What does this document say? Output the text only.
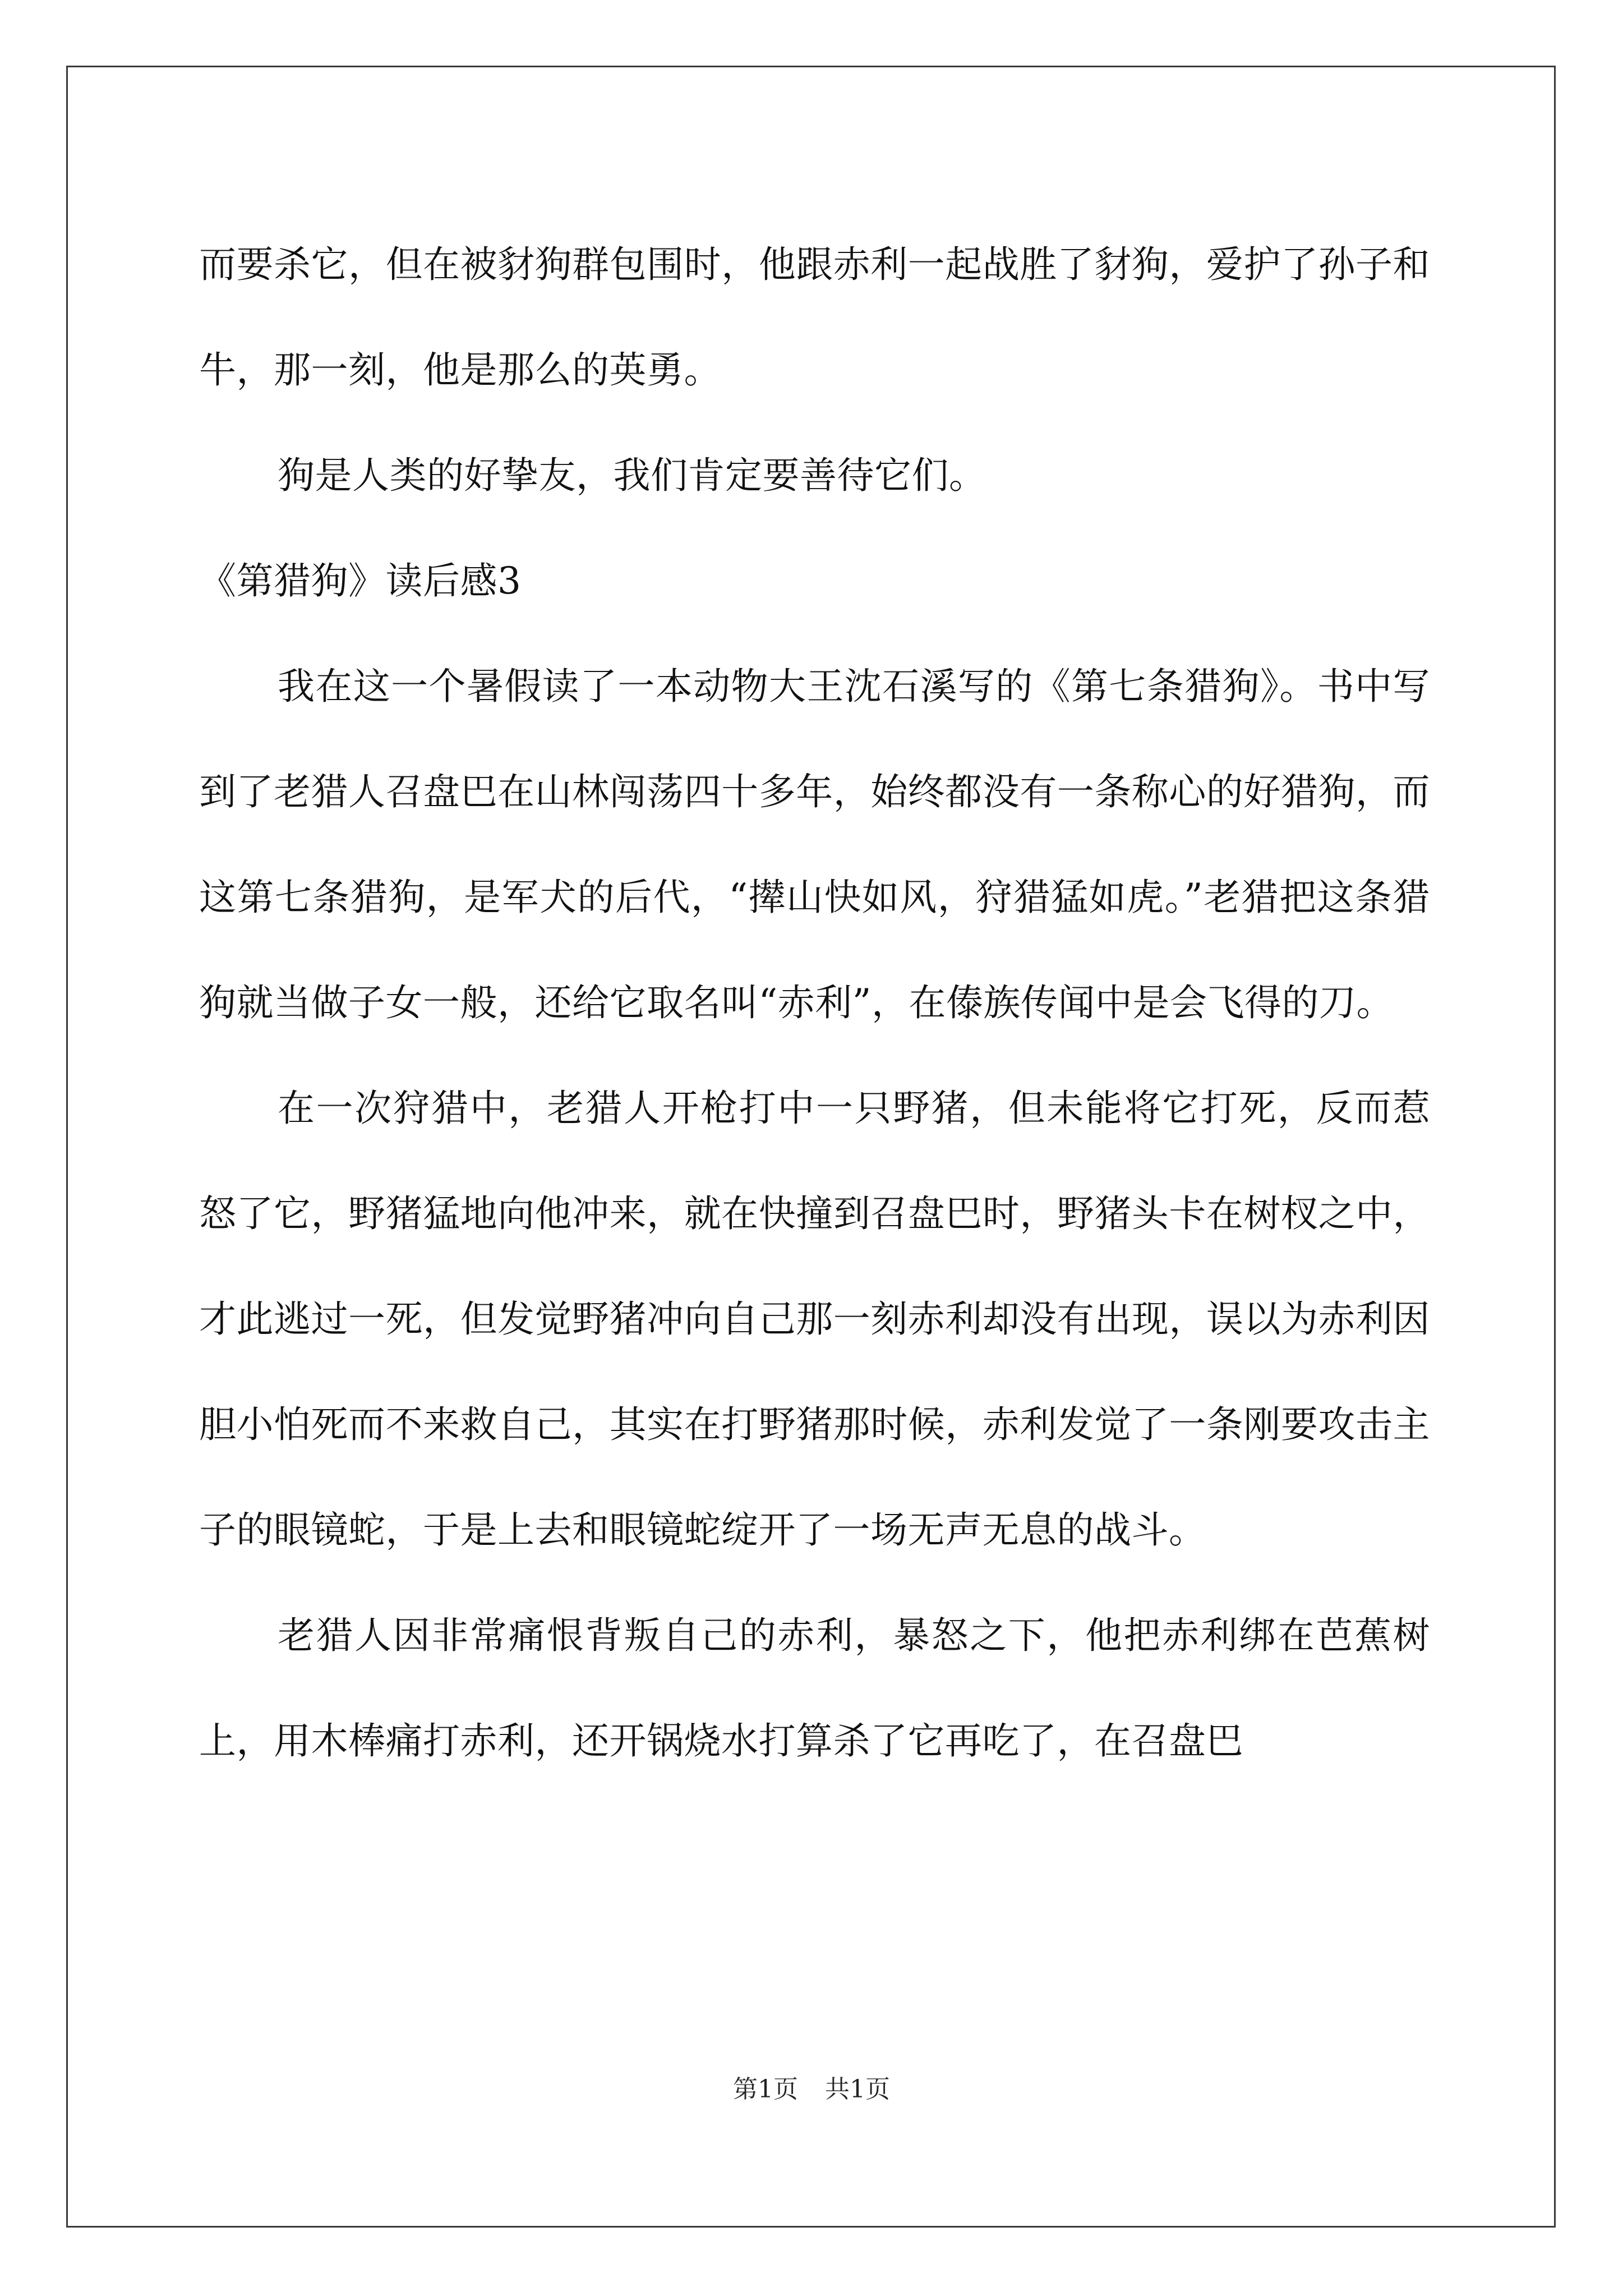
而要杀它，但在被豺狗群包围时，他跟赤利一起战胜了豺狗，爱护了孙子和牛，那一刻，他是那么的英勇。

狗是人类的好挚友，我们肯定要善待它们。

《第猎狗》读后感3

我在这一个暑假读了一本动物大王沈石溪写的《第七条猎狗》。书中写到了老猎人召盘巴在山林闯荡四十多年，始终都没有一条称心的好猎狗，而这第七条猎狗，是军犬的后代，“撵山快如风，狩猎猛如虎。”老猎把这条猎狗就当做子女一般，还给它取名叫“赤利”，在傣族传闻中是会飞得的刀。

在一次狩猎中，老猎人开枪打中一只野猪，但未能将它打死，反而惹怒了它，野猪猛地向他冲来，就在快撞到召盘巴时，野猪头卡在树杈之中，才此逃过一死，但发觉野猪冲向自己那一刻赤利却没有出现，误以为赤利因胆小怕死而不来救自己，其实在打野猪那时候，赤利发觉了一条刚要攻击主子的眼镜蛇，于是上去和眼镜蛇绽开了一场无声无息的战斗。

老猎人因非常痛恨背叛自己的赤利，暴怒之下，他把赤利绑在芭蕉树上，用木棒痛打赤利，还开锅烧水打算杀了它再吃了，在召盘巴

第1页 共1页
